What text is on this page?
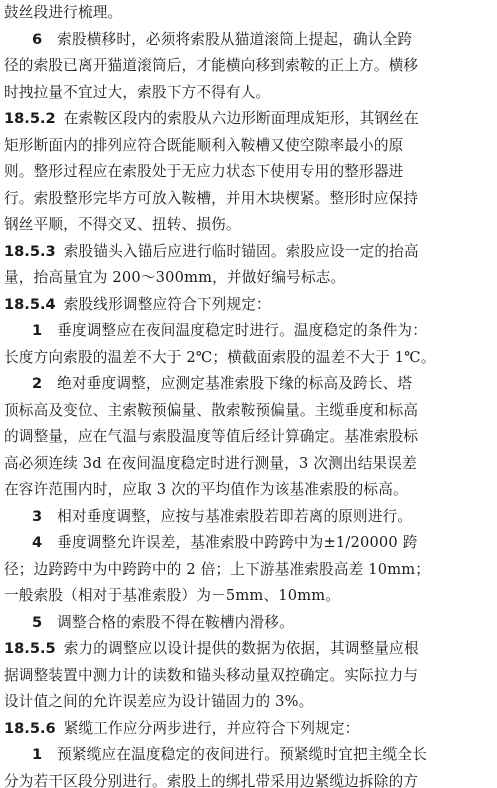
鼓丝段进行梳理。
6   索股横移时，必须将索股从猫道滚筒上提起，确认全跨
径的索股已离开猫道滚筒后，才能横向移到索鞍的正上方。横移
时拽拉量不宜过大，索股下方不得有人。
18.5.2 在索鞍区段内的索股从六边形断面理成矩形，其钢丝在
矩形断面内的排列应符合既能顺利入鞍槽又使空隙率最小的原
则。整形过程应在索股处于无应力状态下使用专用的整形器进
行。索股整形完毕方可放入鞍槽，并用木块楔紧。整形时应保持
钢丝平顺，不得交叉、扭转、损伤。
18.5.3 索股锚头入锚后应进行临时锚固。索股应设一定的抬高
量，抬高量宜为 200～300mm，并做好编号标志。
18.5.4 索股线形调整应符合下列规定：
1   垂度调整应在夜间温度稳定时进行。温度稳定的条件为：
长度方向索股的温差不大于 2℃；横截面索股的温差不大于 1℃。
2   绝对垂度调整，应测定基准索股下缘的标高及跨长、塔
顶标高及变位、主索鞍预偏量、散索鞍预偏量。主缆垂度和标高
的调整量，应在气温与索股温度等值后经计算确定。基准索股标
高必须连续 3d 在夜间温度稳定时进行测量，3 次测出结果误差
在容许范围内时，应取 3 次的平均值作为该基准索股的标高。
3   相对垂度调整，应按与基准索股若即若离的原则进行。
4   垂度调整允许误差，基准索股中跨跨中为±1/20000 跨
径；边跨跨中为中跨跨中的 2 倍；上下游基准索股高差 10mm；
一般索股（相对于基准索股）为－5mm、10mm。
5   调整合格的索股不得在鞍槽内滑移。
18.5.5 索力的调整应以设计提供的数据为依据，其调整量应根
据调整装置中测力计的读数和锚头移动量双控确定。实际拉力与
设计值之间的允许误差应为设计锚固力的 3%。
18.5.6 紧缆工作应分两步进行，并应符合下列规定：
1   预紧缆应在温度稳定的夜间进行。预紧缆时宜把主缆全长
分为若干区段分别进行。索股上的绑扎带采用边紧缆边拆除的方
